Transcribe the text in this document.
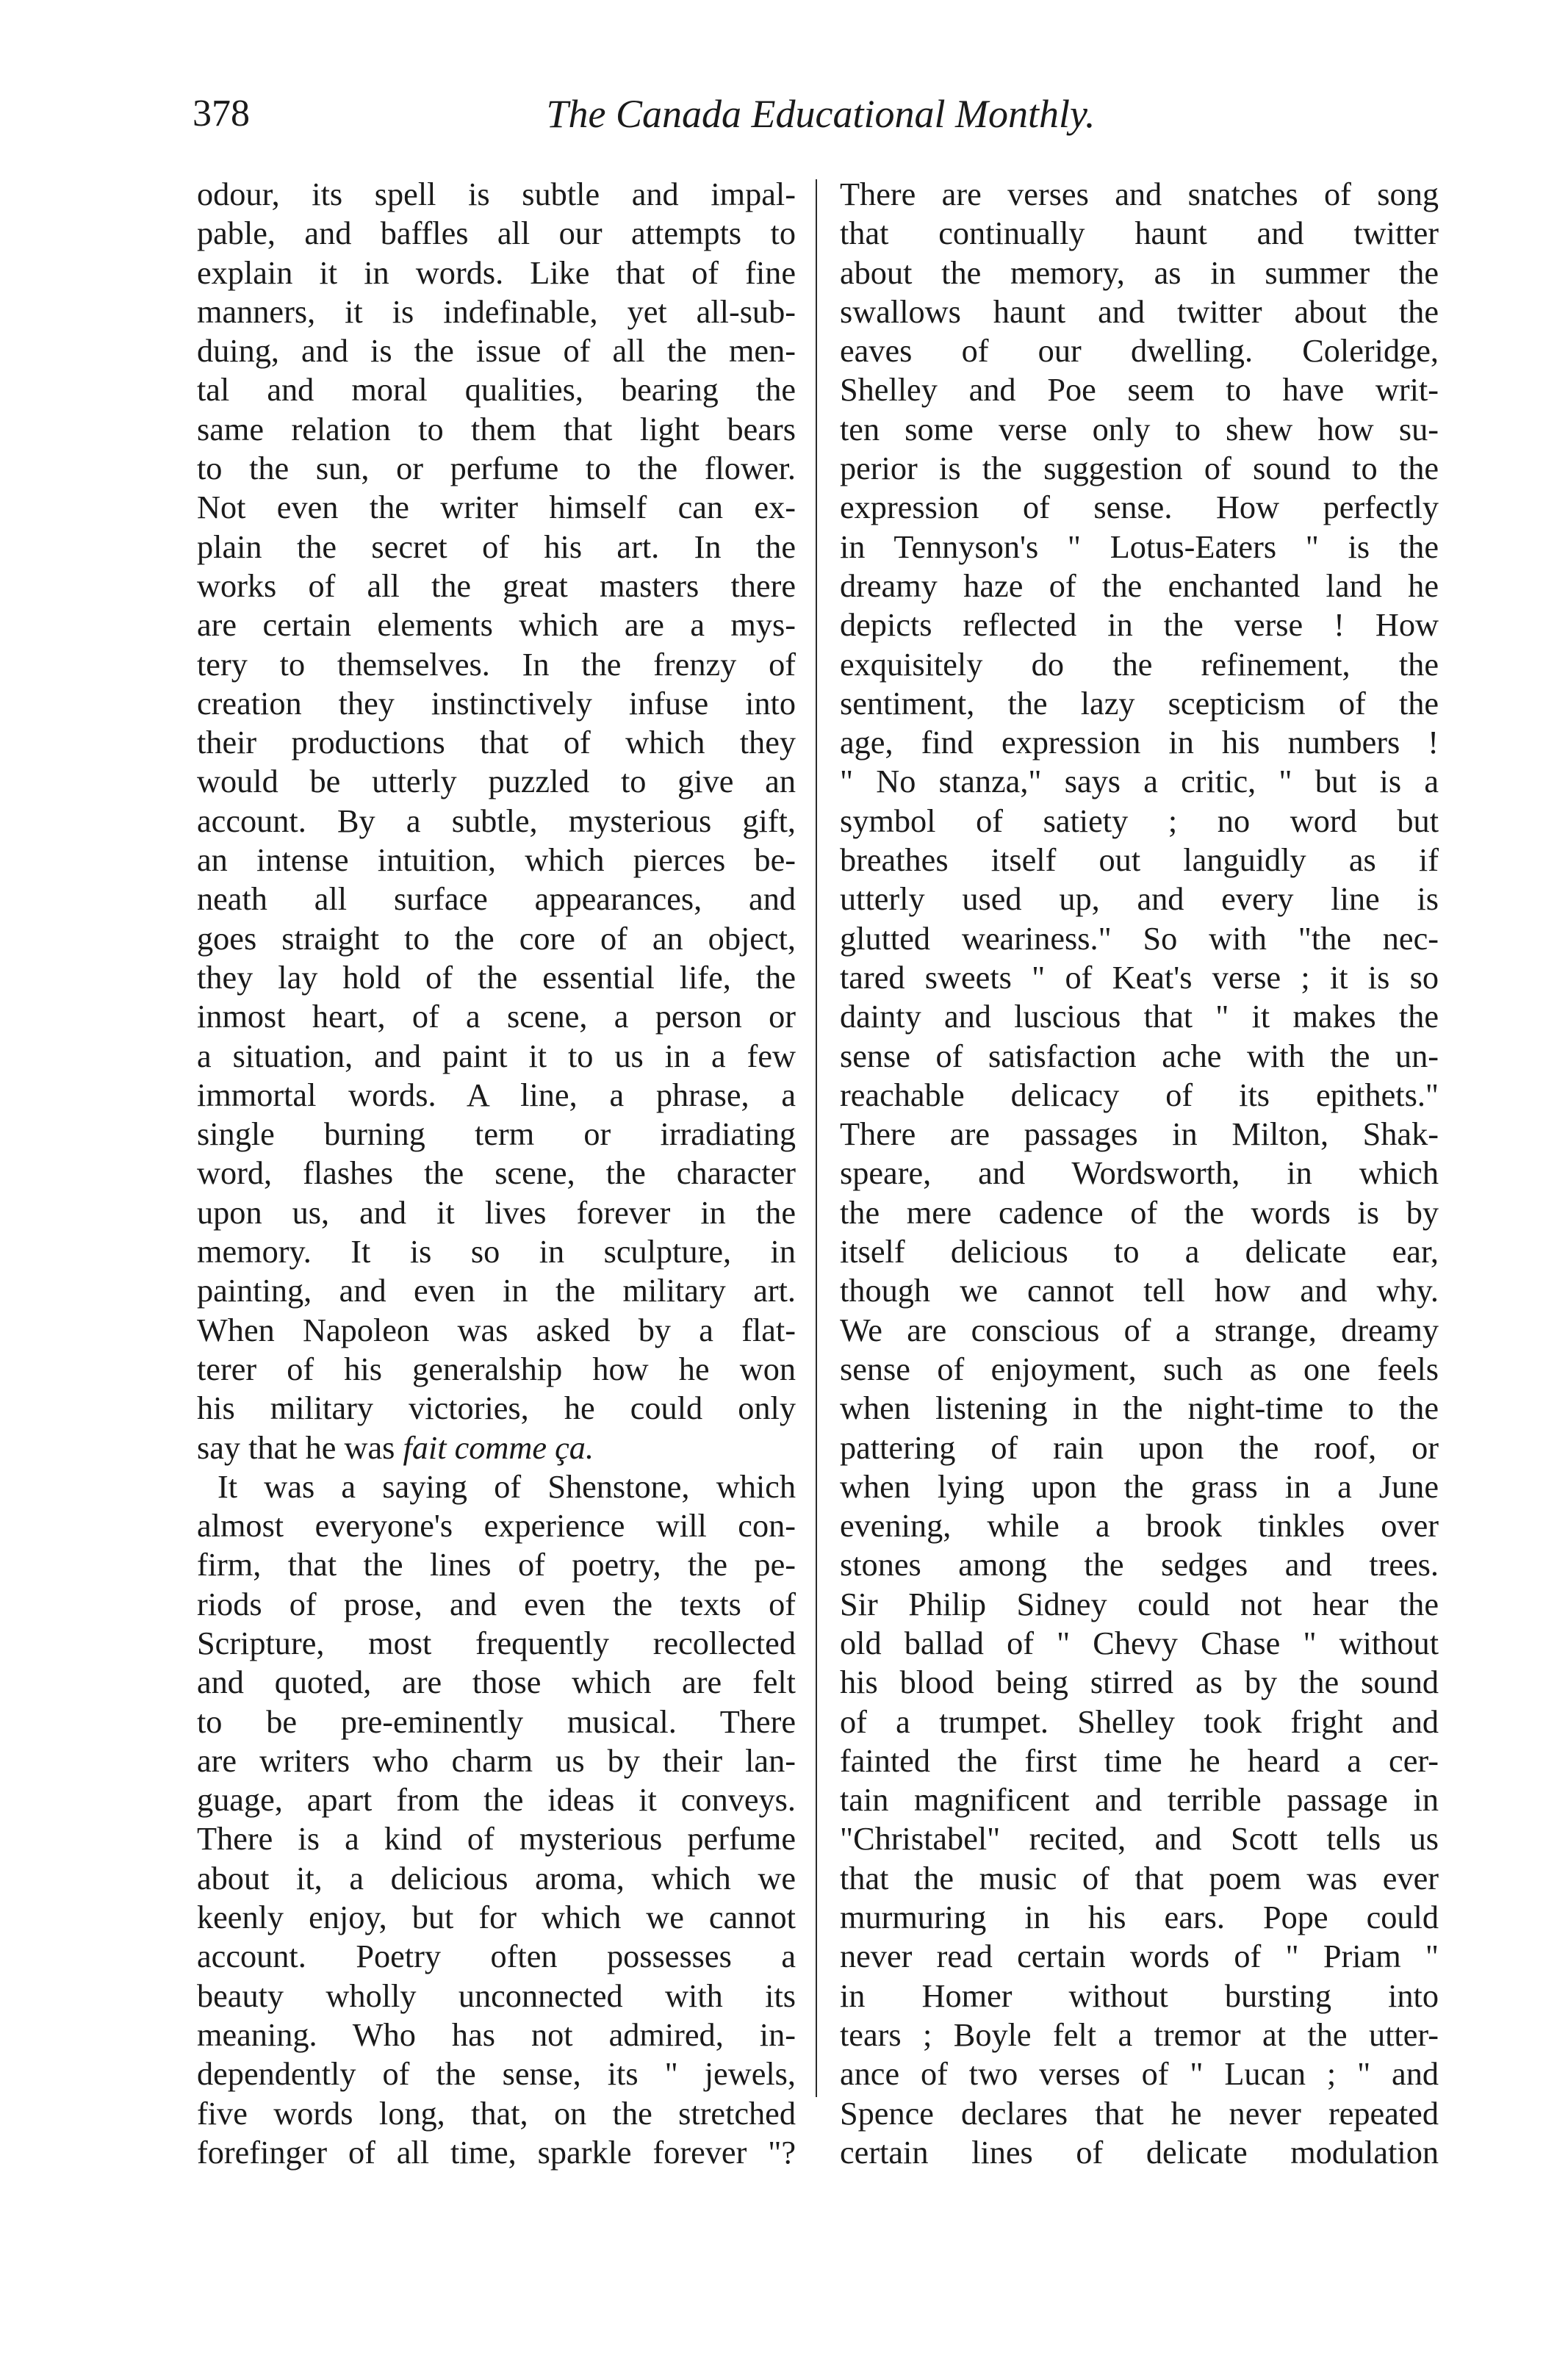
378	The Canada Educational Monthly.
odour, its spell is subtle and impal-
pable, and baffles all our attempts to
explain it in words. Like that of fine
manners, it is indefinable, yet all-sub-
duing, and is the issue of all the men-
tal and moral qualities, bearing the
same relation to them that light bears
to the sun, or perfume to the flower.
Not even the writer himself can ex-
plain the secret of his art. In the
works of all the great masters there
are certain elements which are a mys-
tery to themselves. In the frenzy of
creation they instinctively infuse into
their productions that of which they
would be utterly puzzled to give an
account. By a subtle, mysterious gift,
an intense intuition, which pierces be-
neath all surface appearances, and
goes straight to the core of an object,
they lay hold of the essential life, the
inmost heart, of a scene, a person or
a situation, and paint it to us in a few
immortal words. A line, a phrase, a
single burning term or irradiating
word, flashes the scene, the character
upon us, and it lives forever in the
memory. It is so in sculpture, in
painting, and even in the military art.
When Napoleon was asked by a flat-
terer of his generalship how he won
his military victories, he could only
say that he was fait comme ça.
It was a saying of Shenstone, which
almost everyone's experience will con-
firm, that the lines of poetry, the pe-
riods of prose, and even the texts of
Scripture, most frequently recollected
and quoted, are those which are felt
to be pre-eminently musical. There
are writers who charm us by their lan-
guage, apart from the ideas it conveys.
There is a kind of mysterious perfume
about it, a delicious aroma, which we
keenly enjoy, but for which we cannot
account. Poetry often possesses a
beauty wholly unconnected with its
meaning. Who has not admired, in-
dependently of the sense, its " jewels,
five words long, that, on the stretched
forefinger of all time, sparkle forever "?
There are verses and snatches of song
that continually haunt and twitter
about the memory, as in summer the
swallows haunt and twitter about the
eaves of our dwelling. Coleridge,
Shelley and Poe seem to have writ-
ten some verse only to shew how su-
perior is the suggestion of sound to the
expression of sense. How perfectly
in Tennyson's " Lotus-Eaters " is the
dreamy haze of the enchanted land he
depicts reflected in the verse ! How
exquisitely do the refinement, the
sentiment, the lazy scepticism of the
age, find expression in his numbers !
" No stanza," says a critic, " but is a
symbol of satiety ; no word but
breathes itself out languidly as if
utterly used up, and every line is
glutted weariness." So with "the nec-
tared sweets " of Keat's verse ; it is so
dainty and luscious that " it makes the
sense of satisfaction ache with the un-
reachable delicacy of its epithets."
There are passages in Milton, Shak-
speare, and Wordsworth, in which
the mere cadence of the words is by
itself delicious to a delicate ear,
though we cannot tell how and why.
We are conscious of a strange, dreamy
sense of enjoyment, such as one feels
when listening in the night-time to the
pattering of rain upon the roof, or
when lying upon the grass in a June
evening, while a brook tinkles over
stones among the sedges and trees.
Sir Philip Sidney could not hear the
old ballad of " Chevy Chase " without
his blood being stirred as by the sound
of a trumpet. Shelley took fright and
fainted the first time he heard a cer-
tain magnificent and terrible passage in
"Christabel" recited, and Scott tells us
that the music of that poem was ever
murmuring in his ears. Pope could
never read certain words of " Priam "
in Homer without bursting into
tears ; Boyle felt a tremor at the utter-
ance of two verses of " Lucan ; " and
Spence declares that he never repeated
certain lines of delicate modulation
